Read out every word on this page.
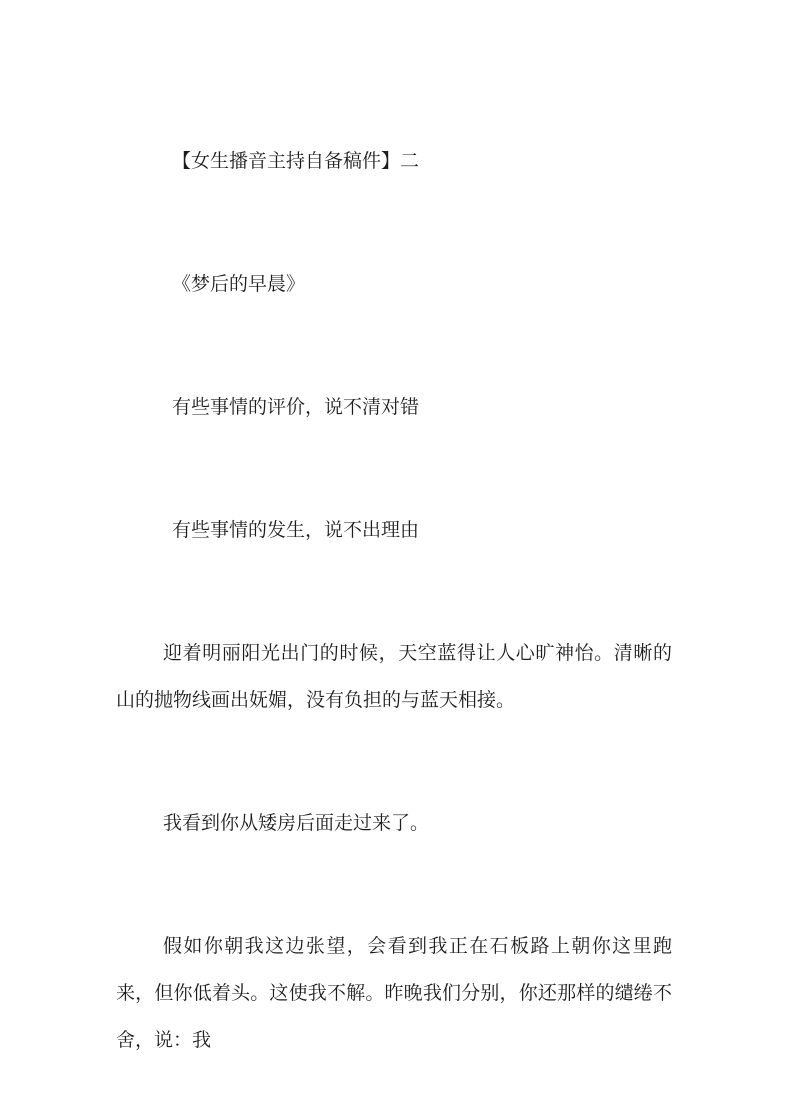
【女生播音主持自备稿件】二

《梦后的早晨》

有些事情的评价，说不清对错

有些事情的发生，说不出理由

迎着明丽阳光出门的时候，天空蓝得让人心旷神怡。清晰的山的抛物线画出妩媚，没有负担的与蓝天相接。

我看到你从矮房后面走过来了。

假如你朝我这边张望，会看到我正在石板路上朝你这里跑来，但你低着头。这使我不解。昨晚我们分别，你还那样的缱绻不舍，说：我
